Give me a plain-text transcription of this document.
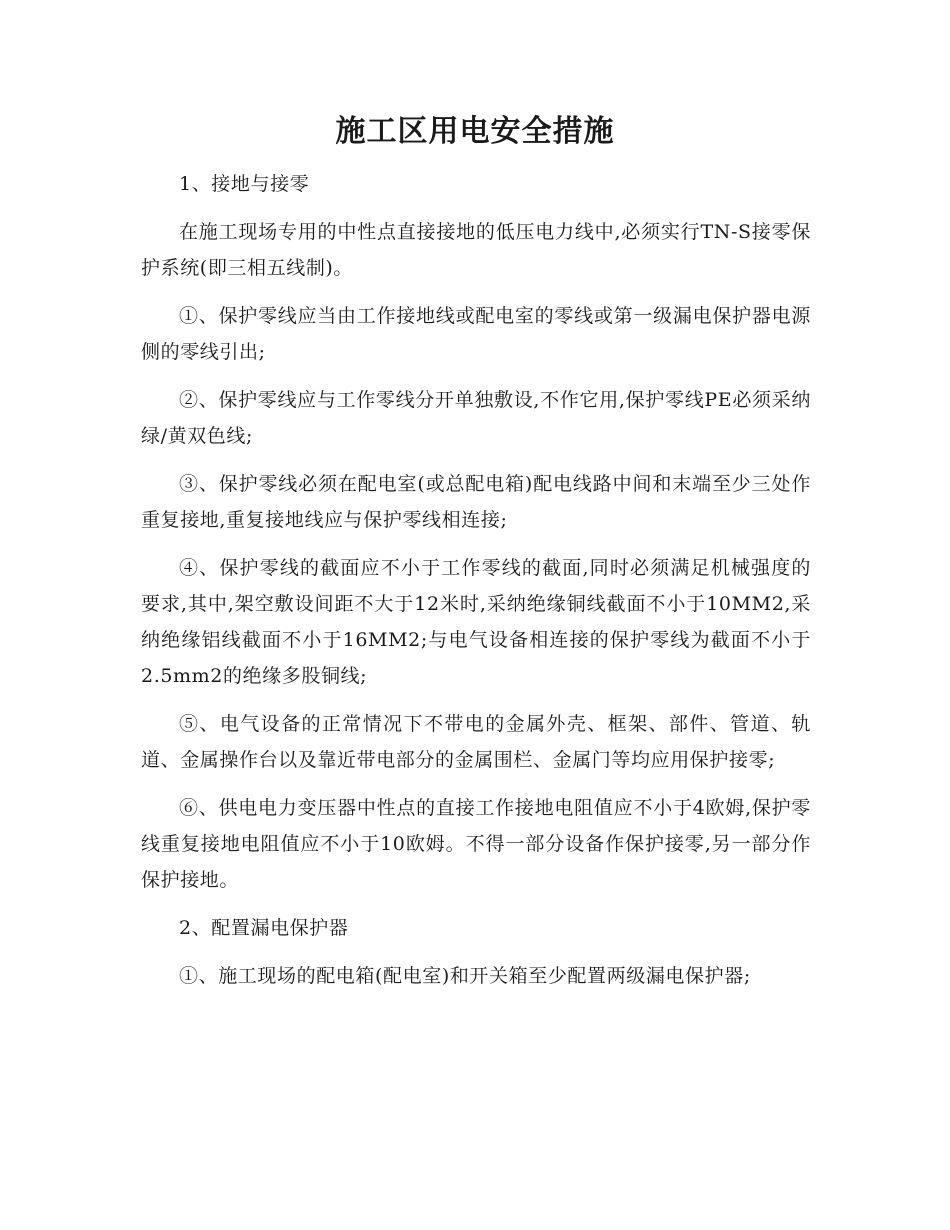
施工区用电安全措施

1、接地与接零

在施工现场专用的中性点直接接地的低压电力线中,必须实行TN-S接零保护系统(即三相五线制)。

①、保护零线应当由工作接地线或配电室的零线或第一级漏电保护器电源侧的零线引出;

②、保护零线应与工作零线分开单独敷设,不作它用,保护零线PE必须采纳绿/黄双色线;

③、保护零线必须在配电室(或总配电箱)配电线路中间和末端至少三处作重复接地,重复接地线应与保护零线相连接;

④、保护零线的截面应不小于工作零线的截面,同时必须满足机械强度的要求,其中,架空敷设间距不大于12米时,采纳绝缘铜线截面不小于10MM2,采纳绝缘铝线截面不小于16MM2;与电气设备相连接的保护零线为截面不小于2.5mm2的绝缘多股铜线;

⑤、电气设备的正常情况下不带电的金属外壳、框架、部件、管道、轨道、金属操作台以及靠近带电部分的金属围栏、金属门等均应用保护接零;

⑥、供电电力变压器中性点的直接工作接地电阻值应不小于4欧姆,保护零线重复接地电阻值应不小于10欧姆。不得一部分设备作保护接零,另一部分作保护接地。

2、配置漏电保护器

①、施工现场的配电箱(配电室)和开关箱至少配置两级漏电保护器;
